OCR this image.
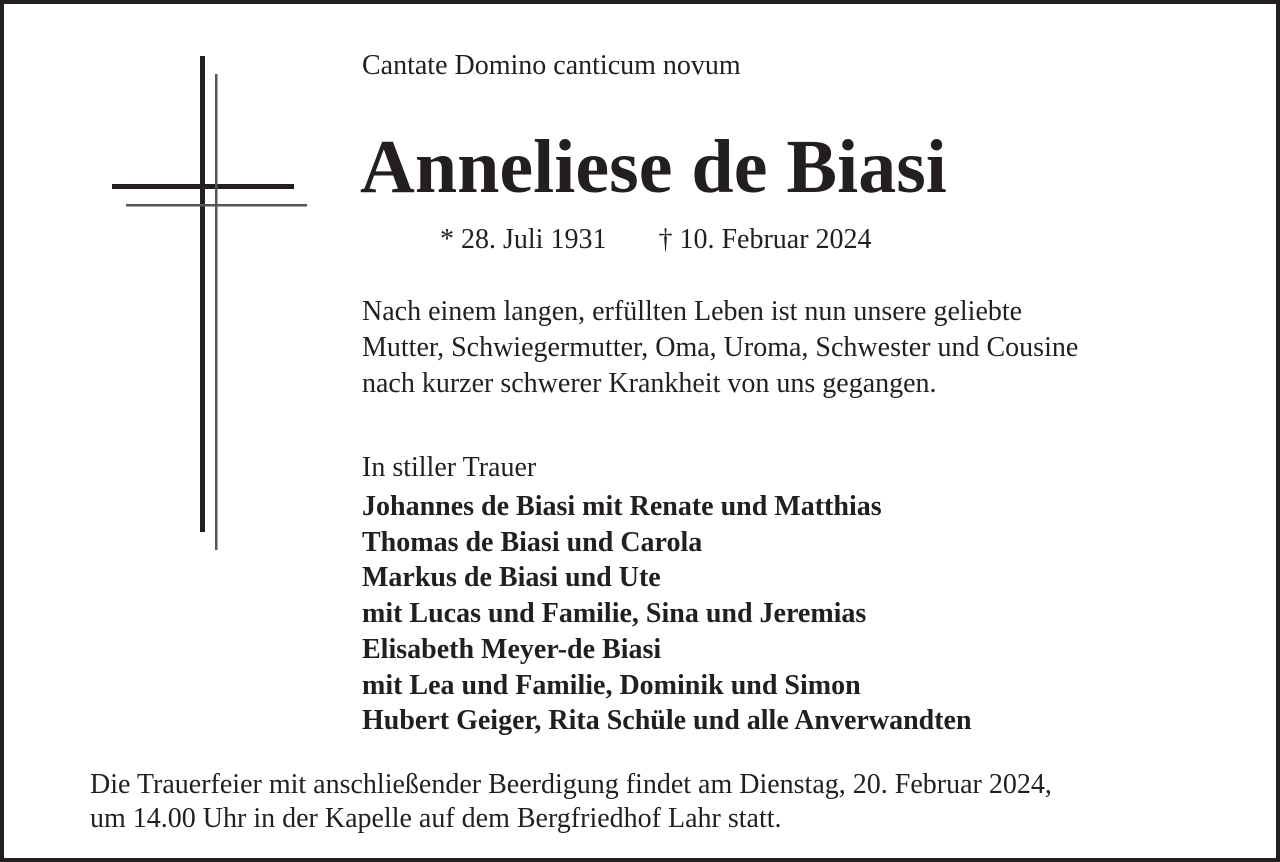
Cantate Domino canticum novum
Anneliese de Biasi
* 28. Juli 1931 † 10. Februar 2024
Nach einem langen, erfüllten Leben ist nun unsere geliebte
Mutter, Schwiegermutter, Oma, Uroma, Schwester und Cousine
nach kurzer schwerer Krankheit von uns gegangen.
In stiller Trauer
Johannes de Biasi mit Renate und Matthias
Thomas de Biasi und Carola
Markus de Biasi und Ute
mit Lucas und Familie, Sina und Jeremias
Elisabeth Meyer-de Biasi
mit Lea und Familie, Dominik und Simon
Hubert Geiger, Rita Schüle und alle Anverwandten
Die Trauerfeier mit anschließender Beerdigung findet am Dienstag, 20. Februar 2024,
um 14.00 Uhr in der Kapelle auf dem Bergfriedhof Lahr statt.
